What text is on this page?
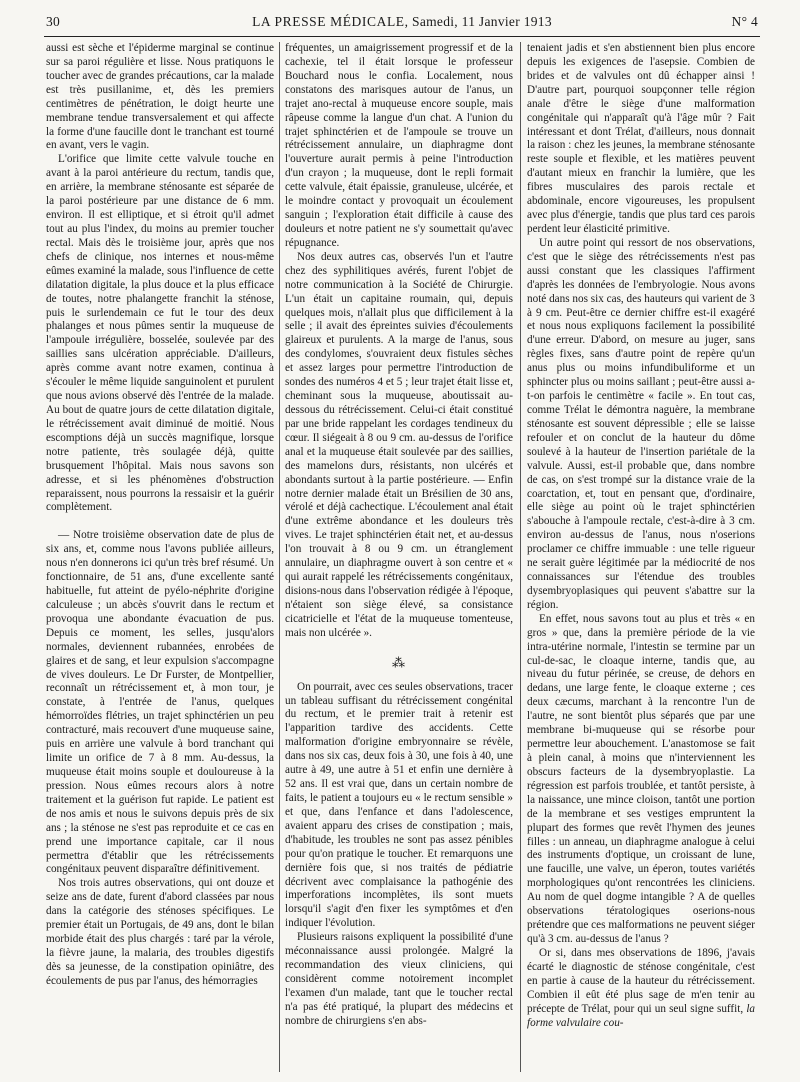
30	LA PRESSE MÉDICALE, Samedi, 11 Janvier 1913	N° 4

aussi est sèche et l'épiderme marginal se continue sur sa paroi régulière et lisse. Nous pratiquons le toucher avec de grandes précautions, car la malade est très pusillanime, et, dès les premiers centimètres de pénétration, le doigt heurte une membrane tendue transversalement et qui affecte la forme d'une faucille dont le tranchant est tourné en avant, vers le vagin.

L'orifice que limite cette valvule touche en avant à la paroi antérieure du rectum, tandis que, en arrière, la membrane sténosante est séparée de la paroi postérieure par une distance de 6 mm. environ. Il est elliptique, et si étroit qu'il admet tout au plus l'index, du moins au premier toucher rectal. Mais dès le troisième jour, après que nos chefs de clinique, nos internes et nous-même eûmes examiné la malade, sous l'influence de cette dilatation digitale, la plus douce et la plus efficace de toutes, notre phalangette franchit la sténose, puis le surlendemain ce fut le tour des deux phalanges et nous pûmes sentir la muqueuse de l'ampoule irrégulière, bosselée, soulevée par des saillies sans ulcération appréciable. D'ailleurs, après comme avant notre examen, continua à s'écouler le même liquide sanguinolent et purulent que nous avions observé dès l'entrée de la malade. Au bout de quatre jours de cette dilatation digitale, le rétrécissement avait diminué de moitié. Nous escomptions déjà un succès magnifique, lorsque notre patiente, très soulagée déjà, quitte brusquement l'hôpital. Mais nous savons son adresse, et si les phénomènes d'obstruction reparaissent, nous pourrons la ressaisir et la guérir complètement.

— Notre troisième observation date de plus de six ans, et, comme nous l'avons publiée ailleurs, nous n'en donnerons ici qu'un très bref résumé. Un fonctionnaire, de 51 ans, d'une excellente santé habituelle, fut atteint de pyélo-néphrite d'origine calculeuse ; un abcès s'ouvrit dans le rectum et provoqua une abondante évacuation de pus. Depuis ce moment, les selles, jusqu'alors normales, deviennent rubannées, enrobées de glaires et de sang, et leur expulsion s'accompagne de vives douleurs. Le Dr Furster, de Montpellier, reconnaît un rétrécissement et, à mon tour, je constate, à l'entrée de l'anus, quelques hémorroïdes flétries, un trajet sphinctérien un peu contracturé, mais recouvert d'une muqueuse saine, puis en arrière une valvule à bord tranchant qui limite un orifice de 7 à 8 mm. Au-dessus, la muqueuse était moins souple et douloureuse à la pression. Nous eûmes recours alors à notre traitement et la guérison fut rapide. Le patient est de nos amis et nous le suivons depuis près de six ans ; la sténose ne s'est pas reproduite et ce cas en prend une importance capitale, car il nous permettra d'établir que les rétrécissements congénitaux peuvent disparaître définitivement.

Nos trois autres observations, qui ont douze et seize ans de date, furent d'abord classées par nous dans la catégorie des sténoses spécifiques. Le premier était un Portugais, de 49 ans, dont le bilan morbide était des plus chargés : taré par la vérole, la fièvre jaune, la malaria, des troubles digestifs dès sa jeunesse, de la constipation opiniâtre, des écoulements de pus par l'anus, des hémorragies

fréquentes, un amaigrissement progressif et de la cachexie, tel il était lorsque le professeur Bouchard nous le confia. Localement, nous constatons des marisques autour de l'anus, un trajet ano-rectal à muqueuse encore souple, mais râpeuse comme la langue d'un chat. A l'union du trajet sphinctérien et de l'ampoule se trouve un rétrécissement annulaire, un diaphragme dont l'ouverture aurait permis à peine l'introduction d'un crayon ; la muqueuse, dont le repli formait cette valvule, était épaissie, granuleuse, ulcérée, et le moindre contact y provoquait un écoulement sanguin ; l'exploration était difficile à cause des douleurs et notre patient ne s'y soumettait qu'avec répugnance.

Nos deux autres cas, observés l'un et l'autre chez des syphilitiques avérés, furent l'objet de notre communication à la Société de Chirurgie. L'un était un capitaine roumain, qui, depuis quelques mois, n'allait plus que difficilement à la selle ; il avait des épreintes suivies d'écoulements glaireux et purulents. A la marge de l'anus, sous des condylomes, s'ouvraient deux fistules sèches et assez larges pour permettre l'introduction de sondes des numéros 4 et 5 ; leur trajet était lisse et, cheminant sous la muqueuse, aboutissait au-dessous du rétrécissement. Celui-ci était constitué par une bride rappelant les cordages tendineux du cœur. Il siégeait à 8 ou 9 cm. au-dessus de l'orifice anal et la muqueuse était soulevée par des saillies, des mamelons durs, résistants, non ulcérés et abondants surtout à la partie postérieure. — Enfin notre dernier malade était un Brésilien de 30 ans, vérolé et déjà cachectique. L'écoulement anal était d'une extrême abondance et les douleurs très vives. Le trajet sphinctérien était net, et au-dessus l'on trouvait à 8 ou 9 cm. un étranglement annulaire, un diaphragme ouvert à son centre et « qui aurait rappelé les rétrécissements congénitaux, disions-nous dans l'observation rédigée à l'époque, n'étaient son siège élevé, sa consistance cicatricielle et l'état de la muqueuse tomenteuse, mais non ulcérée ».

⁂

On pourrait, avec ces seules observations, tracer un tableau suffisant du rétrécissement congénital du rectum, et le premier trait à retenir est l'apparition tardive des accidents. Cette malformation d'origine embryonnaire se révèle, dans nos six cas, deux fois à 30, une fois à 40, une autre à 49, une autre à 51 et enfin une dernière à 52 ans. Il est vrai que, dans un certain nombre de faits, le patient a toujours eu « le rectum sensible » et que, dans l'enfance et dans l'adolescence, avaient apparu des crises de constipation ; mais, d'habitude, les troubles ne sont pas assez pénibles pour qu'on pratique le toucher. Et remarquons une dernière fois que, si nos traités de pédiatrie décrivent avec complaisance la pathogénie des imperforations incomplètes, ils sont muets lorsqu'il s'agit d'en fixer les symptômes et d'en indiquer l'évolution.

Plusieurs raisons expliquent la possibilité d'une méconnaissance aussi prolongée. Malgré la recommandation des vieux cliniciens, qui considèrent comme notoirement incomplet l'examen d'un malade, tant que le toucher rectal n'a pas été pratiqué, la plupart des médecins et nombre de chirurgiens s'en abs-

tenaient jadis et s'en abstiennent bien plus encore depuis les exigences de l'asepsie. Combien de brides et de valvules ont dû échapper ainsi ! D'autre part, pourquoi soupçonner telle région anale d'être le siège d'une malformation congénitale qui n'apparaît qu'à l'âge mûr ? Fait intéressant et dont Trélat, d'ailleurs, nous donnait la raison : chez les jeunes, la membrane sténosante reste souple et flexible, et les matières peuvent d'autant mieux en franchir la lumière, que les fibres musculaires des parois rectale et abdominale, encore vigoureuses, les propulsent avec plus d'énergie, tandis que plus tard ces parois perdent leur élasticité primitive.

Un autre point qui ressort de nos observations, c'est que le siège des rétrécissements n'est pas aussi constant que les classiques l'affirment d'après les données de l'embryologie. Nous avons noté dans nos six cas, des hauteurs qui varient de 3 à 9 cm. Peut-être ce dernier chiffre est-il exagéré et nous nous expliquons facilement la possibilité d'une erreur. D'abord, on mesure au juger, sans règles fixes, sans d'autre point de repère qu'un anus plus ou moins infundibuliforme et un sphincter plus ou moins saillant ; peut-être aussi a-t-on parfois le centimètre « facile ». En tout cas, comme Trélat le démontra naguère, la membrane sténosante est souvent dépressible ; elle se laisse refouler et on conclut de la hauteur du dôme soulevé à la hauteur de l'insertion pariétale de la valvule. Aussi, est-il probable que, dans nombre de cas, on s'est trompé sur la distance vraie de la coarctation, et, tout en pensant que, d'ordinaire, elle siège au point où le trajet sphinctérien s'abouche à l'ampoule rectale, c'est-à-dire à 3 cm. environ au-dessus de l'anus, nous n'oserions proclamer ce chiffre immuable : une telle rigueur ne serait guère légitimée par la médiocrité de nos connaissances sur l'étendue des troubles dysembryoplasiques qui peuvent s'abattre sur la région.

En effet, nous savons tout au plus et très « en gros » que, dans la première période de la vie intra-utérine normale, l'intestin se termine par un cul-de-sac, le cloaque interne, tandis que, au niveau du futur périnée, se creuse, de dehors en dedans, une large fente, le cloaque externe ; ces deux cæcums, marchant à la rencontre l'un de l'autre, ne sont bientôt plus séparés que par une membrane bi-muqueuse qui se résorbe pour permettre leur abouchement. L'anastomose se fait à plein canal, à moins que n'interviennent les obscurs facteurs de la dysembryoplastie. La régression est parfois troublée, et tantôt persiste, à la naissance, une mince cloison, tantôt une portion de la membrane et ses vestiges empruntent la plupart des formes que revêt l'hymen des jeunes filles : un anneau, un diaphragme analogue à celui des instruments d'optique, un croissant de lune, une faucille, une valve, un éperon, toutes variétés morphologiques qu'ont rencontrées les cliniciens. Au nom de quel dogme intangible ? A de quelles observations tératologiques oserions-nous prétendre que ces malformations ne peuvent siéger qu'à 3 cm. au-dessus de l'anus ?

Or si, dans mes observations de 1896, j'avais écarté le diagnostic de sténose congénitale, c'est en partie à cause de la hauteur du rétrécissement. Combien il eût été plus sage de m'en tenir au précepte de Trélat, pour qui un seul signe suffit, la forme valvulaire cou-
